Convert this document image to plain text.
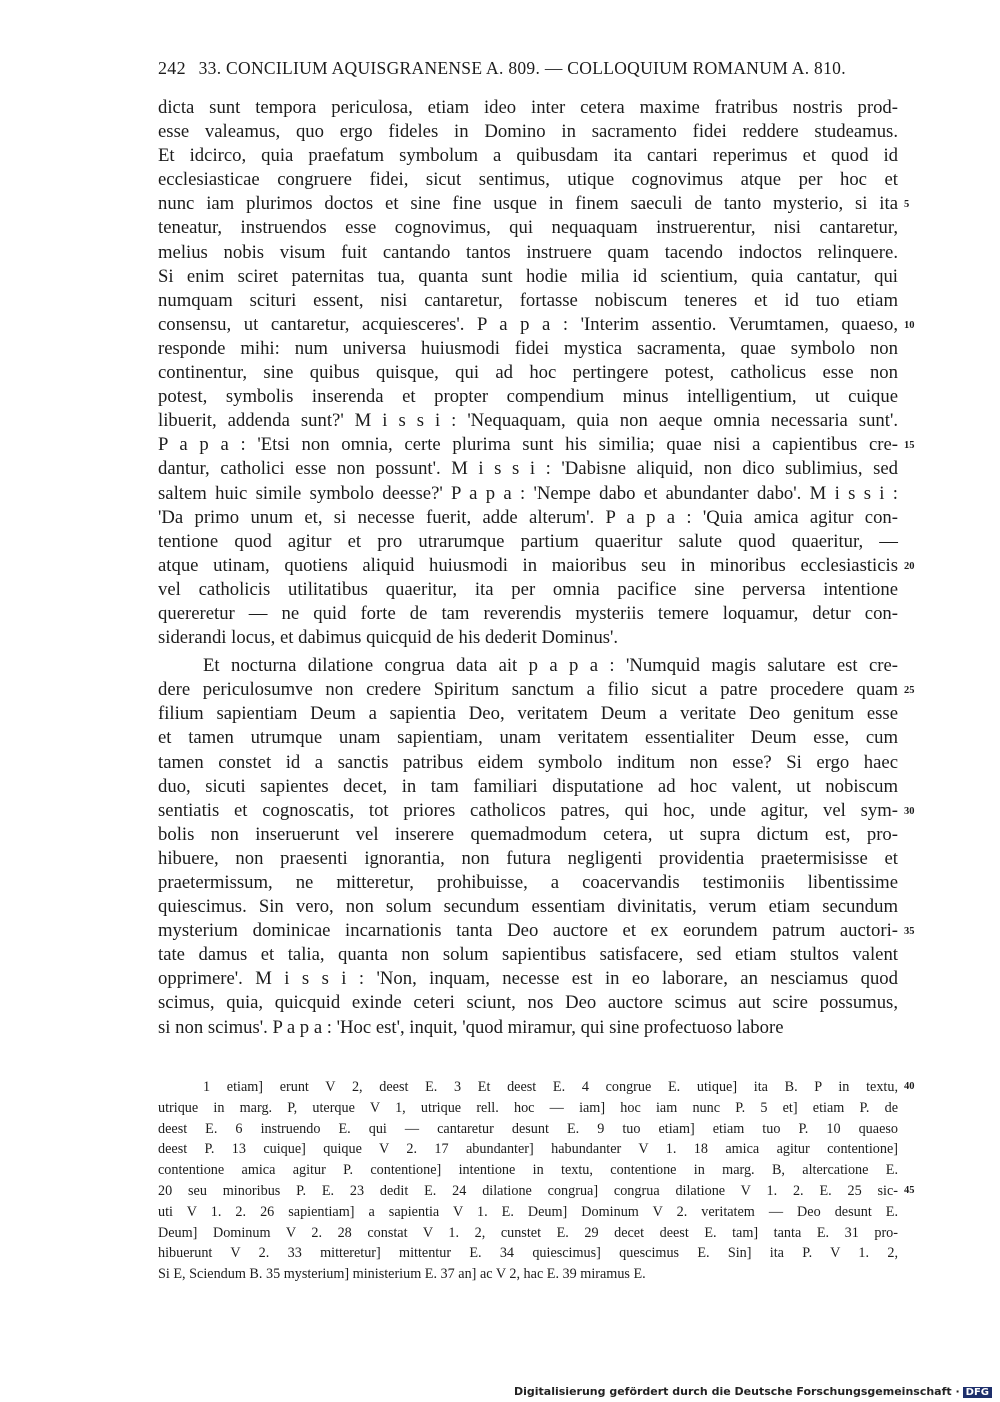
242 33. CONCILIUM AQUISGRANENSE A. 809. — COLLOQUIUM ROMANUM A. 810.
dicta sunt tempora periculosa, etiam ideo inter cetera maxime fratribus nostris prod-
esse valeamus, quo ergo fideles in Domino in sacramento fidei reddere studeamus.
Et idcirco, quia praefatum symbolum a quibusdam ita cantari reperimus et quod id
ecclesiasticae congruere fidei, sicut sentimus, utique cognovimus atque per hoc et
nunc iam plurimos doctos et sine fine usque in finem saeculi de tanto mysterio, si ita 5
teneatur, instruendos esse cognovimus, qui nequaquam instruerentur, nisi cantaretur,
melius nobis visum fuit cantando tantos instruere quam tacendo indoctos relinquere.
Si enim sciret paternitas tua, quanta sunt hodie milia id scientium, quia cantatur, qui
numquam sciturі essent, nisi cantaretur, fortasse nobiscum teneres et id tuo etiam
consensu, ut cantaretur, acquiesceres'. P a p a : 'Interim assentio. Verumtamen, quaeso, 10
responde mihi: num universa huiusmodi fidei mystica sacramenta, quae symbolo non
continentur, sine quibus quisque, qui ad hoc pertingere potest, catholicus esse non
potest, symbolis inserenda et propter compendium minus intelligentium, ut cuique
libuerit, addenda sunt?' M i s s i : 'Nequaquam, quia non aeque omnia necessaria sunt'.
P a p a : 'Etsi non omnia, certe plurima sunt his similia; quae nisi a capientibus cre- 15
dantur, catholici esse non possunt'. M i s s i : 'Dabisne aliquid, non dico sublimius, sed
saltem huic simile symbolo deesse?' P a p a : 'Nempe dabo et abundanter dabo'. M i s s i :
'Da primo unum et, si necesse fuerit, adde alterum'. P a p a : 'Quia amica agitur con-
tentione quod agitur et pro utrarumque partium quaeritur salute quod quaeritur, —
atque utinam, quotiens aliquid huiusmodi in maioribus seu in minoribus ecclesiasticis 20
vel catholicis utilitatibus quaeritur, ita per omnia pacifice sine perversa intentione
quereretur — ne quid forte de tam reverendis mysteriis temere loquamur, detur con-
siderandi locus, et dabimus quicquid de his dederit Dominus'.
Et nocturna dilatione congrua data ait p a p a : 'Numquid magis salutare est cre-
dere periculosumve non credere Spiritum sanctum a filio sicut a patre procedere quam 25
filium sapientiam Deum a sapientia Deo, veritatem Deum a veritate Deo genitum esse
et tamen utrumque unam sapientiam, unam veritatem essentialiter Deum esse, cum
tamen constet id a sanctis patribus eidem symbolo inditum non esse? Si ergo haec
duo, sicuti sapientes decet, in tam familiari disputatione ad hoc valent, ut nobiscum
sentiatis et cognoscatis, tot priores catholicos patres, qui hoc, unde agitur, vel sym- 30
bolis non inseruerunt vel inserere quemadmodum cetera, ut supra dictum est, pro-
hibuere, non praesenti ignorantia, non futura negligenti providentia praetermisisse et
praetermissum, ne mitteretur, prohibuisse, a coacervandis testimoniis libentissime
quiescimus. Sin vero, non solum secundum essentiam divinitatis, verum etiam secundum
mysterium dominicae incarnationis tanta Deo auctore et ex eorundem patrum auctori- 35
tate damus et talia, quanta non solum sapientibus satisfacere, sed etiam stultos valent
opprimere'. M i s s i : 'Non, inquam, necesse est in eo laborare, an nesciamus quod
scimus, quia, quicquid exinde ceteri sciunt, nos Deo auctore scimus aut scire possumus,
si non scimus'. P a p a : 'Hoc est', inquit, 'quod miramur, qui sine profectuoso labore
1 etiam] erunt V 2, deest E. 3 Et deest E. 4 congrue E. utique] ita B. P in textu, 40
utrique in marg. P, uterque V 1, utrique rell. hoc — iam] hoc iam nunc P. 5 et] etiam P. de
deest E. 6 instruendo E. qui — cantaretur desunt E. 9 tuo etiam] etiam tuo P. 10 quaeso
deest P. 13 cuique] quique V 2. 17 abundanter] habundanter V 1. 18 amica agitur contentione]
contentione amica agitur P. contentione] intentione in textu, contentione in marg. B, altercatione E.
20 seu minoribus P. E. 23 dedit E. 24 dilatione congrua] congrua dilatione V 1. 2. E. 25 sic- 45
uti V 1. 2. 26 sapientiam] a sapientia V 1. E. Deum] Dominum V 2. veritatem — Deo desunt E.
Deum] Dominum V 2. 28 constat V 1. 2, cunstet E. 29 decet deest E. tam] tanta E. 31 pro-
hibuerunt V 2. 33 mitteretur] mittentur E. 34 quiescimus] quescimus E. Sin] ita P. V 1. 2,
Si E, Sciendum B. 35 mysterium] ministerium E. 37 an] ac V 2, hac E. 39 miramus E.
Digitalisierung gefördert durch die Deutsche Forschungsgemeinschaft · DFG
